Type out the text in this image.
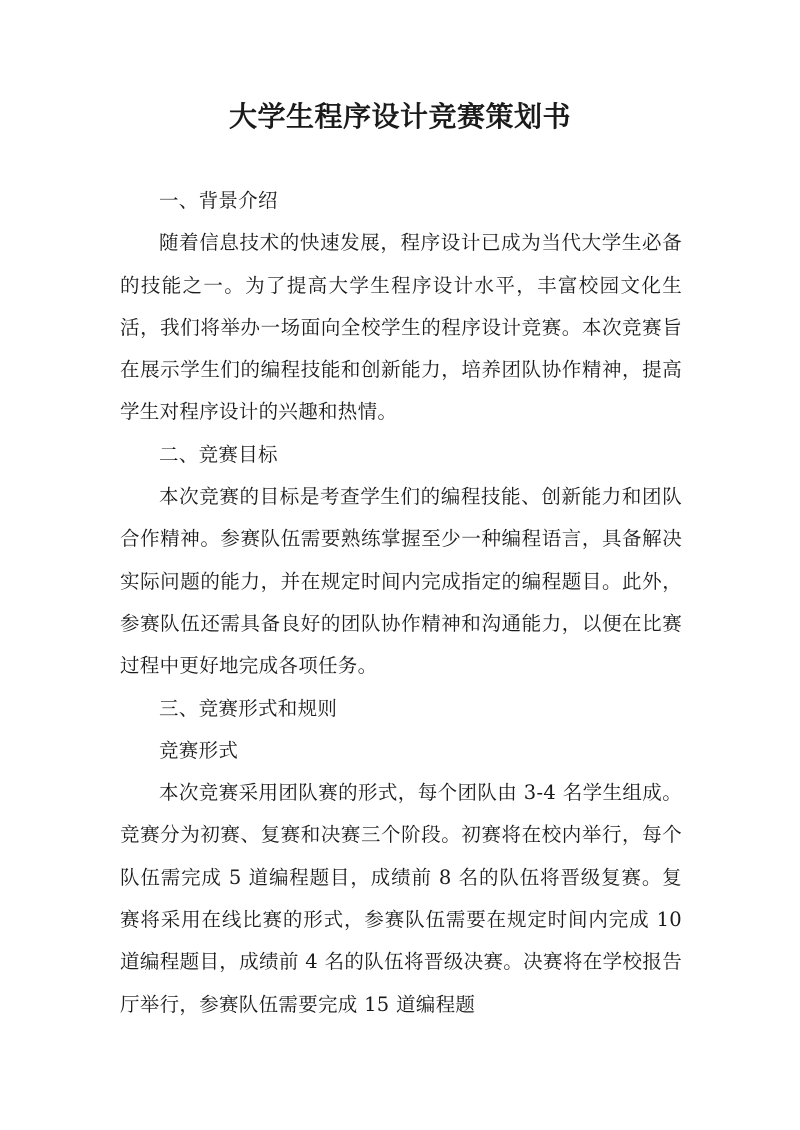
大学生程序设计竞赛策划书

一、背景介绍

随着信息技术的快速发展，程序设计已成为当代大学生必备的技能之一。为了提高大学生程序设计水平，丰富校园文化生活，我们将举办一场面向全校学生的程序设计竞赛。本次竞赛旨在展示学生们的编程技能和创新能力，培养团队协作精神，提高学生对程序设计的兴趣和热情。

二、竞赛目标

本次竞赛的目标是考查学生们的编程技能、创新能力和团队合作精神。参赛队伍需要熟练掌握至少一种编程语言，具备解决实际问题的能力，并在规定时间内完成指定的编程题目。此外，参赛队伍还需具备良好的团队协作精神和沟通能力，以便在比赛过程中更好地完成各项任务。

三、竞赛形式和规则

竞赛形式

本次竞赛采用团队赛的形式，每个团队由 3-4 名学生组成。竞赛分为初赛、复赛和决赛三个阶段。初赛将在校内举行，每个队伍需完成 5 道编程题目，成绩前 8 名的队伍将晋级复赛。复赛将采用在线比赛的形式，参赛队伍需要在规定时间内完成 10 道编程题目，成绩前 4 名的队伍将晋级决赛。决赛将在学校报告厅举行，参赛队伍需要完成 15 道编程题
